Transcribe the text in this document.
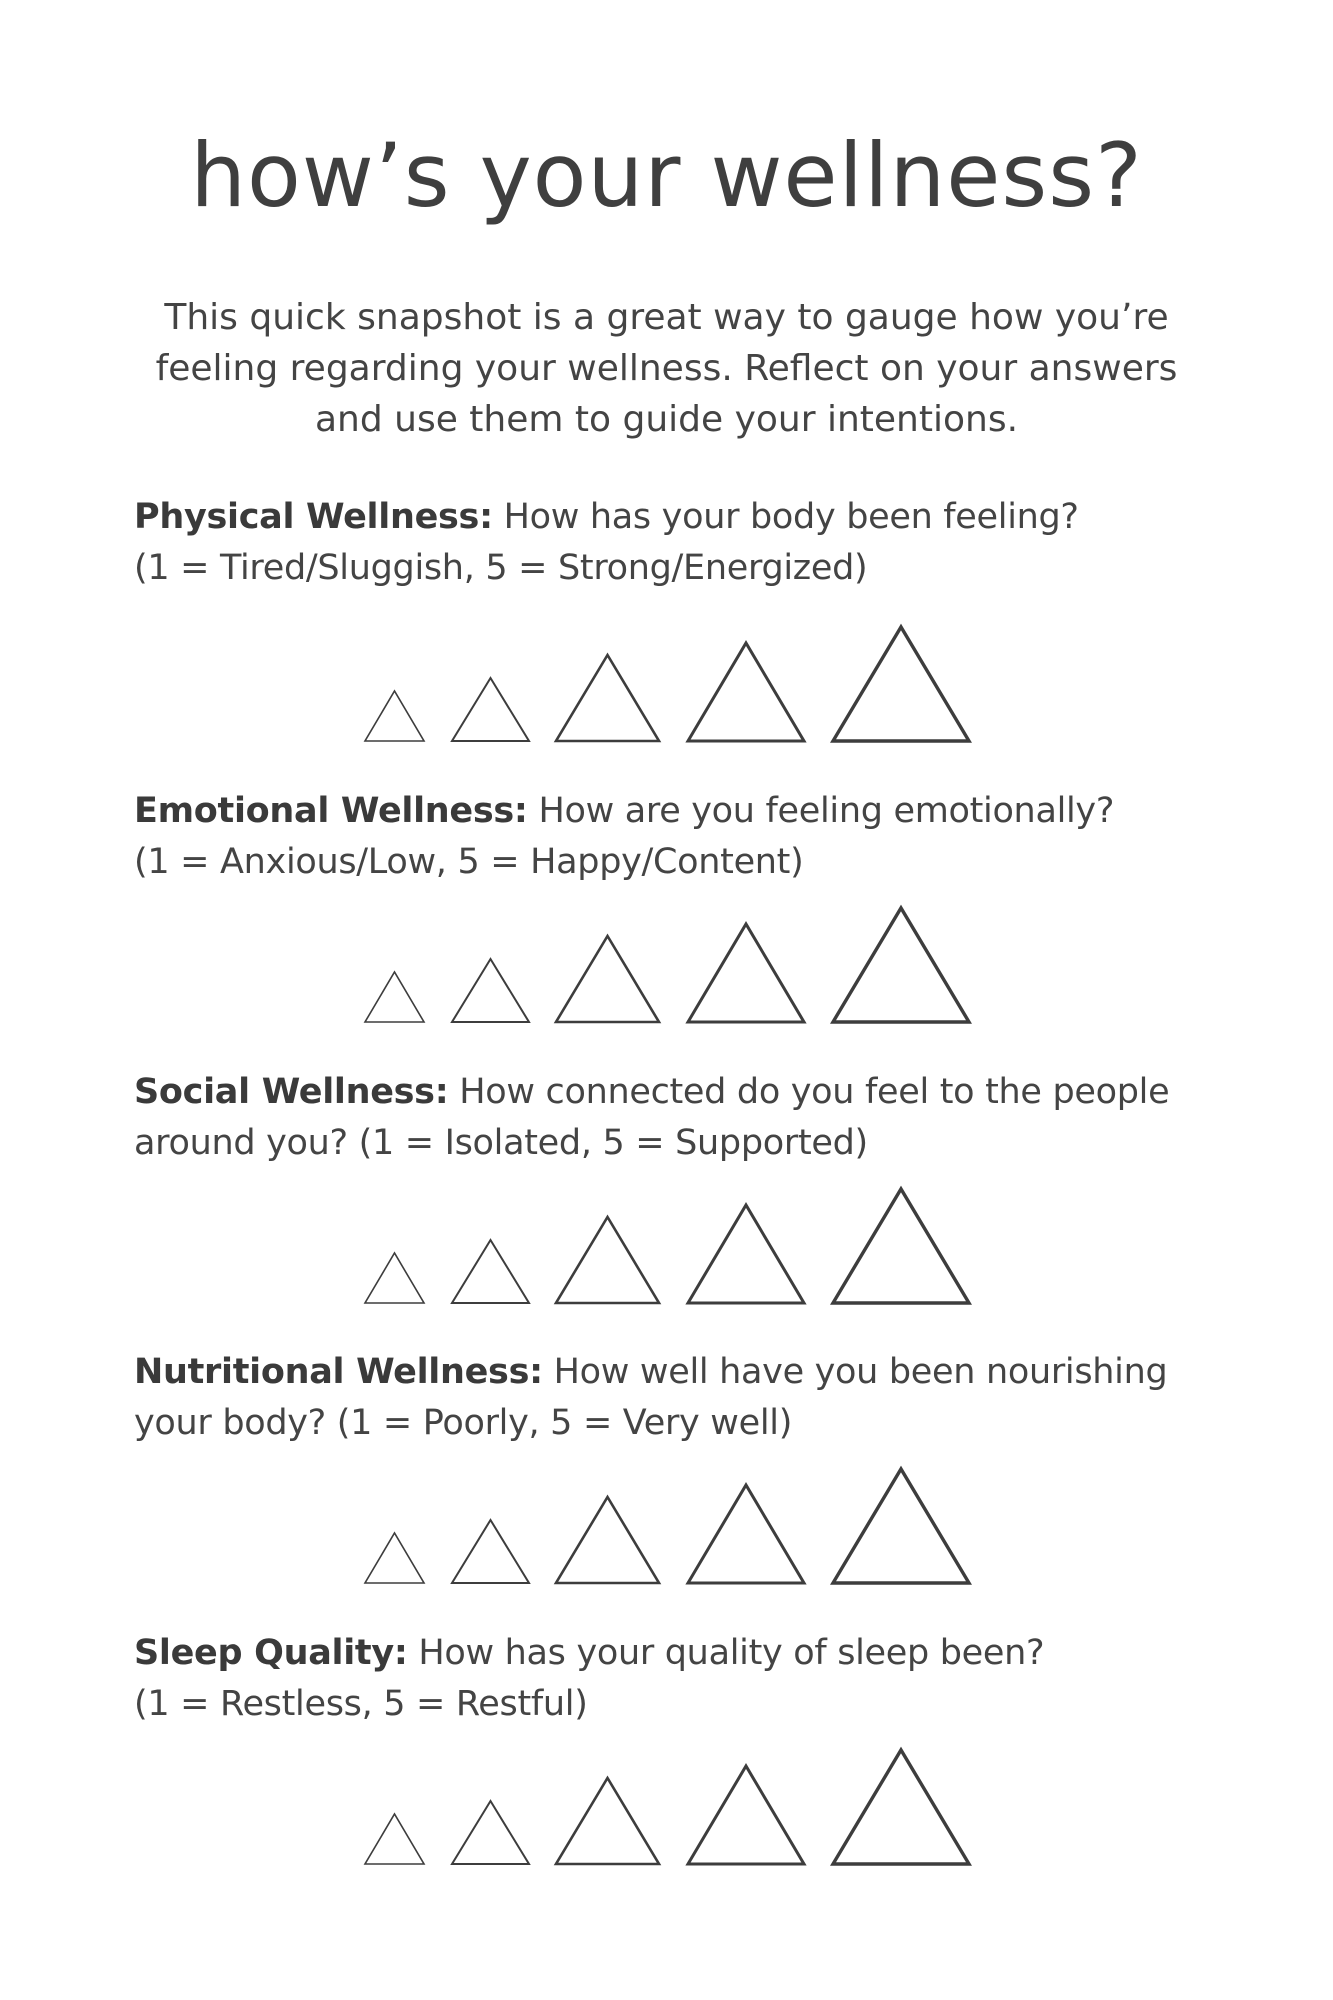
how’s your wellness?

This quick snapshot is a great way to gauge how you’re feeling regarding your wellness. Reflect on your answers and use them to guide your intentions.

Physical Wellness: How has your body been feeling?
(1 = Tired/Sluggish, 5 = Strong/Energized)

Emotional Wellness: How are you feeling emotionally?
(1 = Anxious/Low, 5 = Happy/Content)

Social Wellness: How connected do you feel to the people
around you? (1 = Isolated, 5 = Supported)

Nutritional Wellness: How well have you been nourishing
your body? (1 = Poorly, 5 = Very well)

Sleep Quality: How has your quality of sleep been?
(1 = Restless, 5 = Restful)
